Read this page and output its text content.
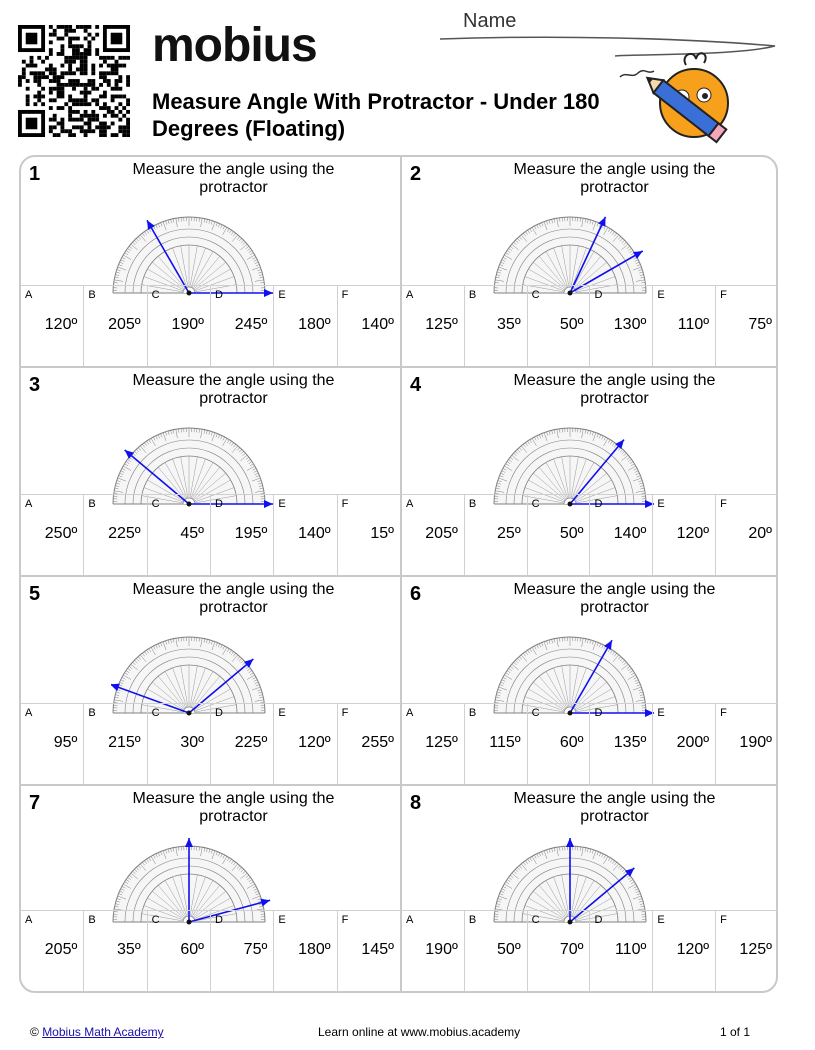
mobius
Measure Angle With Protractor - Under 180 Degrees (Floating)
Name
1	Measure the angle using the protractor
A
120º
B
205º
C
190º
D
245º
E
180º
F
140º
2	Measure the angle using the protractor
A
125º
B
35º
C
50º
D
130º
E
110º
F
75º
3	Measure the angle using the protractor
A
250º
B
225º
C
45º
D
195º
E
140º
F
15º
4	Measure the angle using the protractor
A
205º
B
25º
C
50º
D
140º
E
120º
F
20º
5	Measure the angle using the protractor
A
95º
B
215º
C
30º
D
225º
E
120º
F
255º
6	Measure the angle using the protractor
A
125º
B
115º
C
60º
D
135º
E
200º
F
190º
7	Measure the angle using the protractor
A
205º
B
35º
C
60º
D
75º
E
180º
F
145º
8	Measure the angle using the protractor
A
190º
B
50º
C
70º
D
110º
E
120º
F
125º
© Mobius Math Academy	Learn online at www.mobius.academy	1 of 1
